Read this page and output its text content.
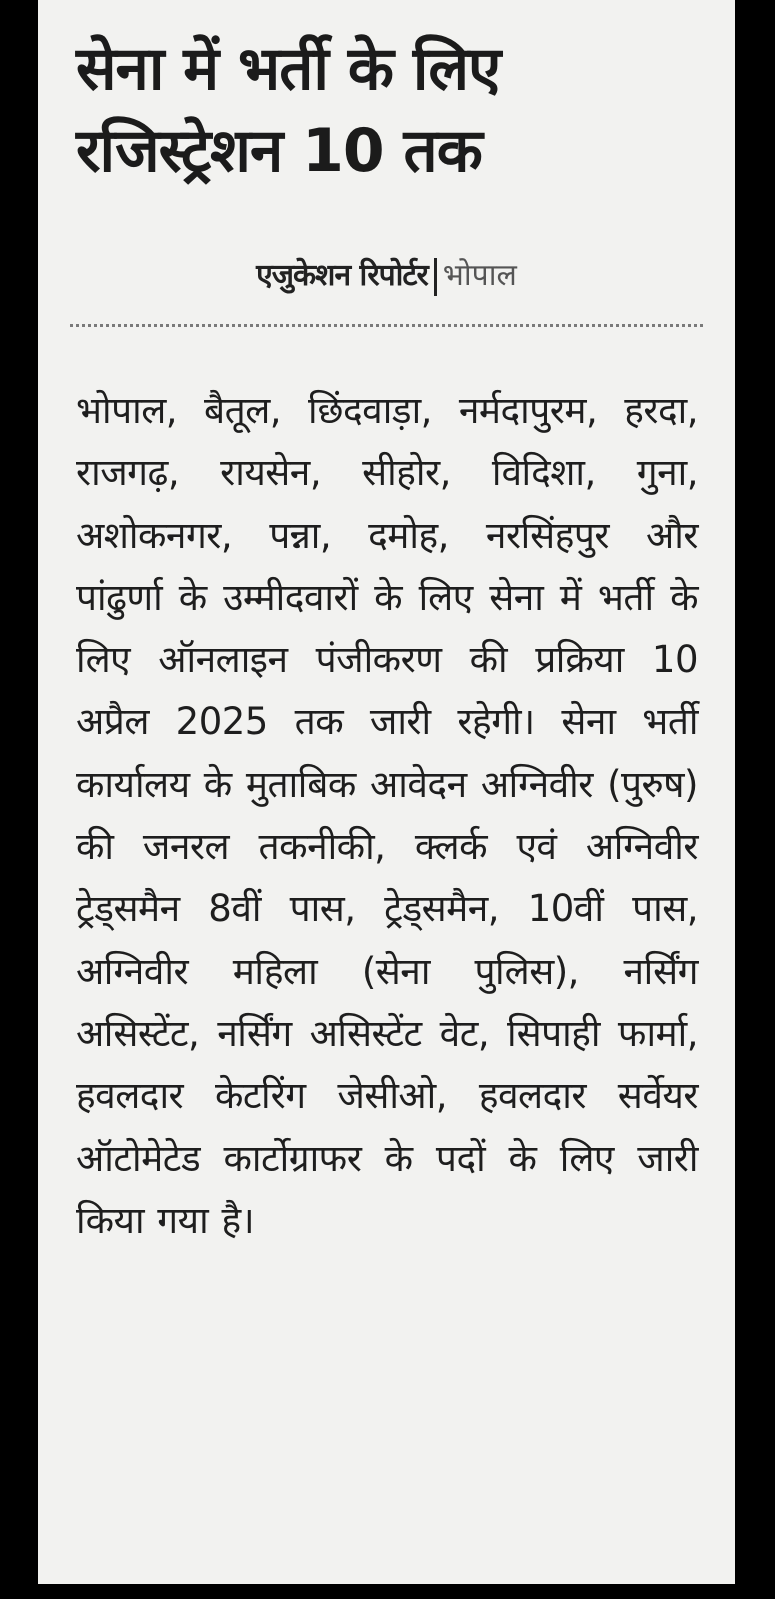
सेना में भर्ती के लिए रजिस्ट्रेशन 10 तक
एजुकेशन रिपोर्टर भोपाल

भोपाल, बैतूल, छिंदवाड़ा, नर्मदापुरम, हरदा, राजगढ़, रायसेन, सीहोर, विदिशा, गुना, अशोकनगर, पन्ना, दमोह, नरसिंहपुर और पांढुर्णा के उम्मीदवारों के लिए सेना में भर्ती के लिए ऑनलाइन पंजीकरण की प्रक्रिया 10 अप्रैल 2025 तक जारी रहेगी। सेना भर्ती कार्यालय के मुताबिक आवेदन अग्निवीर (पुरुष) की जनरल तकनीकी, क्लर्क एवं अग्निवीर ट्रेड्समैन 8वीं पास, ट्रेड्समैन, 10वीं पास, अग्निवीर महिला (सेना पुलिस), नर्सिंग असिस्टेंट, नर्सिंग असिस्टेंट वेट, सिपाही फार्मा, हवलदार केटरिंग जेसीओ, हवलदार सर्वेयर ऑटोमेटेड कार्टोग्राफर के पदों के लिए जारी किया गया है।
